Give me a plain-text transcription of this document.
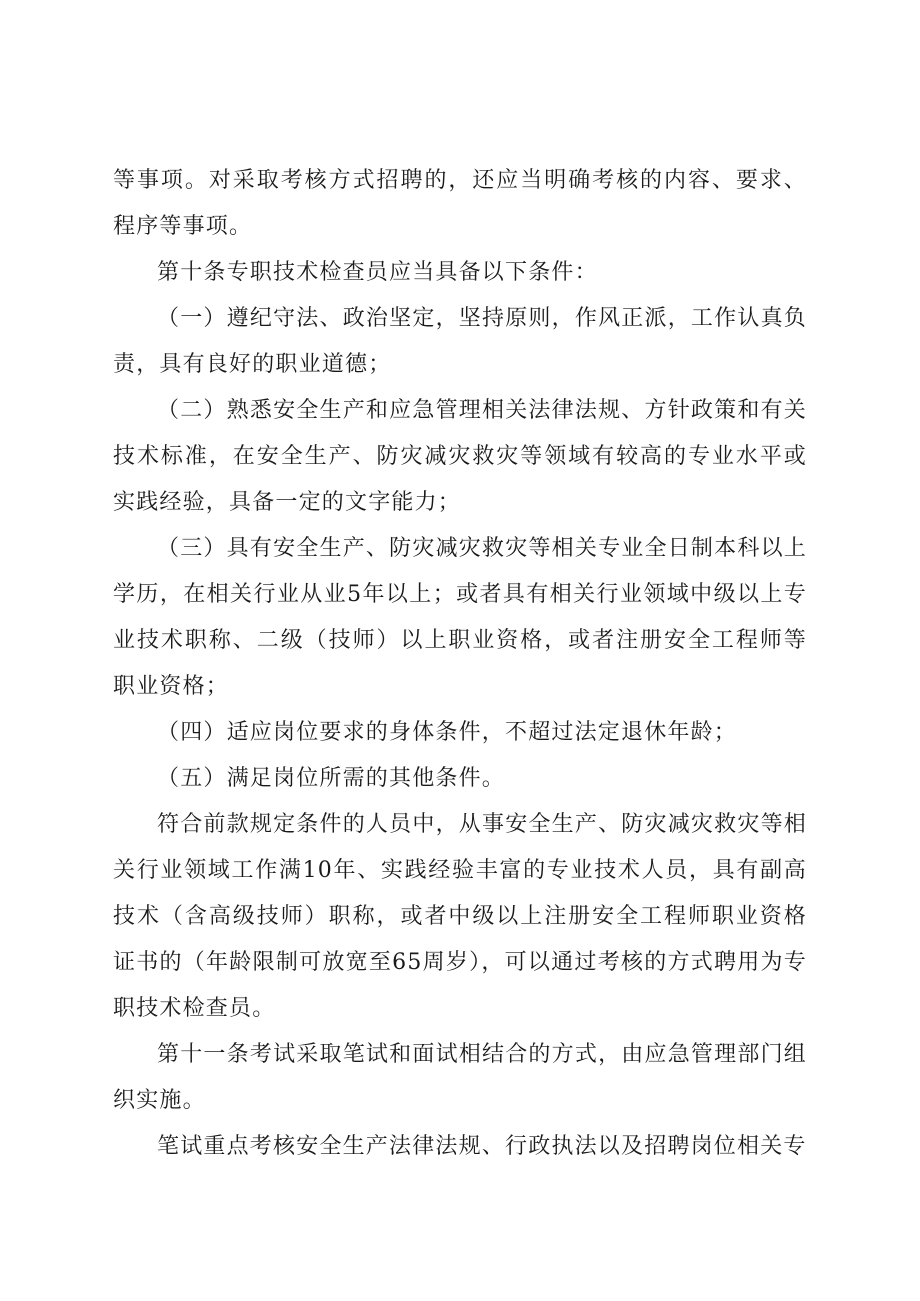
等事项。对采取考核方式招聘的，还应当明确考核的内容、要求、程序等事项。

第十条专职技术检查员应当具备以下条件：

（一）遵纪守法、政治坚定，坚持原则，作风正派，工作认真负责，具有良好的职业道德；

（二）熟悉安全生产和应急管理相关法律法规、方针政策和有关技术标准，在安全生产、防灾减灾救灾等领域有较高的专业水平或实践经验，具备一定的文字能力；

（三）具有安全生产、防灾减灾救灾等相关专业全日制本科以上学历，在相关行业从业5年以上；或者具有相关行业领域中级以上专业技术职称、二级（技师）以上职业资格，或者注册安全工程师等职业资格；

（四）适应岗位要求的身体条件，不超过法定退休年龄；

（五）满足岗位所需的其他条件。

符合前款规定条件的人员中，从事安全生产、防灾减灾救灾等相关行业领域工作满10年、实践经验丰富的专业技术人员，具有副高技术（含高级技师）职称，或者中级以上注册安全工程师职业资格证书的（年龄限制可放宽至65周岁），可以通过考核的方式聘用为专职技术检查员。

第十一条考试采取笔试和面试相结合的方式，由应急管理部门组织实施。

笔试重点考核安全生产法律法规、行政执法以及招聘岗位相关专
